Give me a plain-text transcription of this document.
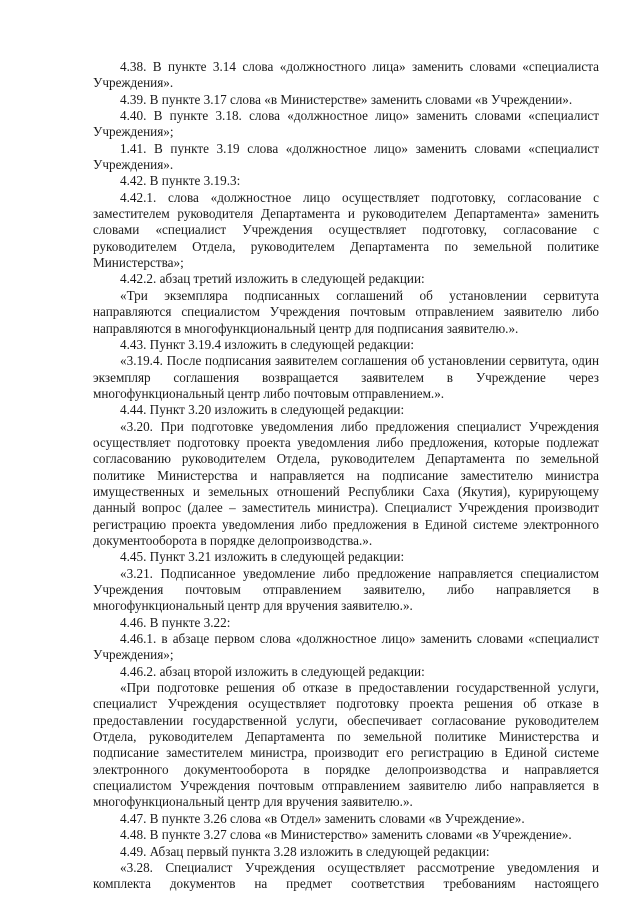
4.38. В пункте 3.14 слова «должностного лица» заменить словами «специалиста Учреждения».

4.39. В пункте 3.17 слова «в Министерстве» заменить словами «в Учреждении».

4.40. В пункте 3.18. слова «должностное лицо» заменить словами «специалист Учреждения»;

1.41. В пункте 3.19 слова «должностное лицо» заменить словами «специалист Учреждения».

4.42. В пункте 3.19.3:

4.42.1. слова «должностное лицо осуществляет подготовку, согласование с заместителем руководителя Департамента и руководителем Департамента» заменить словами «специалист Учреждения осуществляет подготовку, согласование с руководителем Отдела, руководителем Департамента по земельной политике Министерства»;

4.42.2. абзац третий изложить в следующей редакции:

«Три экземпляра подписанных соглашений об установлении сервитута направляются специалистом Учреждения почтовым отправлением заявителю либо направляются в многофункциональный центр для подписания заявителю.».

4.43. Пункт 3.19.4 изложить в следующей редакции:

«3.19.4. После подписания заявителем соглашения об установлении сервитута, один экземпляр соглашения возвращается заявителем в Учреждение через многофункциональный центр либо почтовым отправлением.».

4.44. Пункт 3.20 изложить в следующей редакции:

«3.20. При подготовке уведомления либо предложения специалист Учреждения осуществляет подготовку проекта уведомления либо предложения, которые подлежат согласованию руководителем Отдела, руководителем Департамента по земельной политике Министерства и направляется на подписание заместителю министра имущественных и земельных отношений Республики Саха (Якутия), курирующему данный вопрос (далее – заместитель министра). Специалист Учреждения производит регистрацию проекта уведомления либо предложения в Единой системе электронного документооборота в порядке делопроизводства.».

4.45. Пункт 3.21 изложить в следующей редакции:

«3.21. Подписанное уведомление либо предложение направляется специалистом Учреждения почтовым отправлением заявителю, либо направляется в многофункциональный центр для вручения заявителю.».

4.46. В пункте 3.22:

4.46.1. в абзаце первом слова «должностное лицо» заменить словами «специалист Учреждения»;

4.46.2. абзац второй изложить в следующей редакции:

«При подготовке решения об отказе в предоставлении государственной услуги, специалист Учреждения осуществляет подготовку проекта решения об отказе в предоставлении государственной услуги, обеспечивает согласование руководителем Отдела, руководителем Департамента по земельной политике Министерства и подписание заместителем министра, производит его регистрацию в Единой системе электронного документооборота в порядке делопроизводства и направляется специалистом Учреждения почтовым отправлением заявителю либо направляется в многофункциональный центр для вручения заявителю.».

4.47. В пункте 3.26 слова «в Отдел» заменить словами «в Учреждение».

4.48. В пункте 3.27 слова «в Министерство» заменить словами «в Учреждение».

4.49. Абзац первый пункта 3.28 изложить в следующей редакции:

«3.28. Специалист Учреждения осуществляет рассмотрение уведомления и комплекта документов на предмет соответствия требованиям настоящего
